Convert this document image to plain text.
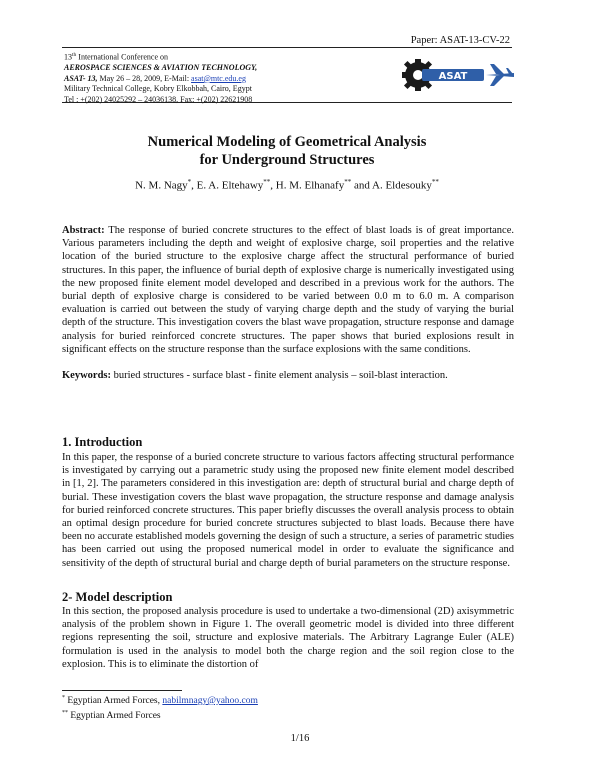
Paper: ASAT-13-CV-22
13th International Conference on
AEROSPACE SCIENCES & AVIATION TECHNOLOGY,
ASAT- 13, May 26 – 28, 2009, E-Mail: asat@mtc.edu.eg
Military Technical College, Kobry Elkobbah, Cairo, Egypt
Tel : +(202) 24025292 – 24036138, Fax: +(202) 22621908
ASAT
Numerical Modeling of Geometrical Analysis
for Underground Structures
N. M. Nagy*, E. A. Eltehawy**, H. M. Elhanafy** and A. Eldesouky**
Abstract: The response of buried concrete structures to the effect of blast loads is of great importance. Various parameters including the depth and weight of explosive charge, soil properties and the relative location of the buried structure to the explosive charge affect the structural performance of buried structures. In this paper, the influence of burial depth of explosive charge is numerically investigated using the new proposed finite element model developed and described in a previous work for the authors. The burial depth of explosive charge is considered to be varied between 0.0 m to 6.0 m. A comparison evaluation is carried out between the study of varying charge depth and the study of varying the burial depth of the structure. This investigation covers the blast wave propagation, structure response and damage analysis for buried reinforced concrete structures. The paper shows that buried explosions result in significant effects on the structure response than the surface explosions with the same conditions.
Keywords: buried structures - surface blast - finite element analysis – soil-blast interaction.
1. Introduction
In this paper, the response of a buried concrete structure to various factors affecting structural performance is investigated by carrying out a parametric study using the proposed new finite element model described in [1, 2]. The parameters considered in this investigation are: depth of structural burial and charge depth of burial. These investigation covers the blast wave propagation, the structure response and damage analysis for buried reinforced concrete structures. This paper briefly discusses the overall analysis process to obtain an optimal design procedure for buried concrete structures subjected to blast loads. Because there have been no accurate established models governing the design of such a structure, a series of parametric studies has been carried out using the proposed numerical model in order to evaluate the significance and sensitivity of the depth of structural burial and charge depth of burial parameters on the structure response.
2- Model description
In this section, the proposed analysis procedure is used to undertake a two-dimensional (2D) axisymmetric analysis of the problem shown in Figure 1. The overall geometric model is divided into three different regions representing the soil, structure and explosive materials. The Arbitrary Lagrange Euler (ALE) formulation is used in the analysis to model both the charge region and the soil region close to the explosion. This is to eliminate the distortion of
* Egyptian Armed Forces, nabilmnagy@yahoo.com
** Egyptian Armed Forces
1/16
